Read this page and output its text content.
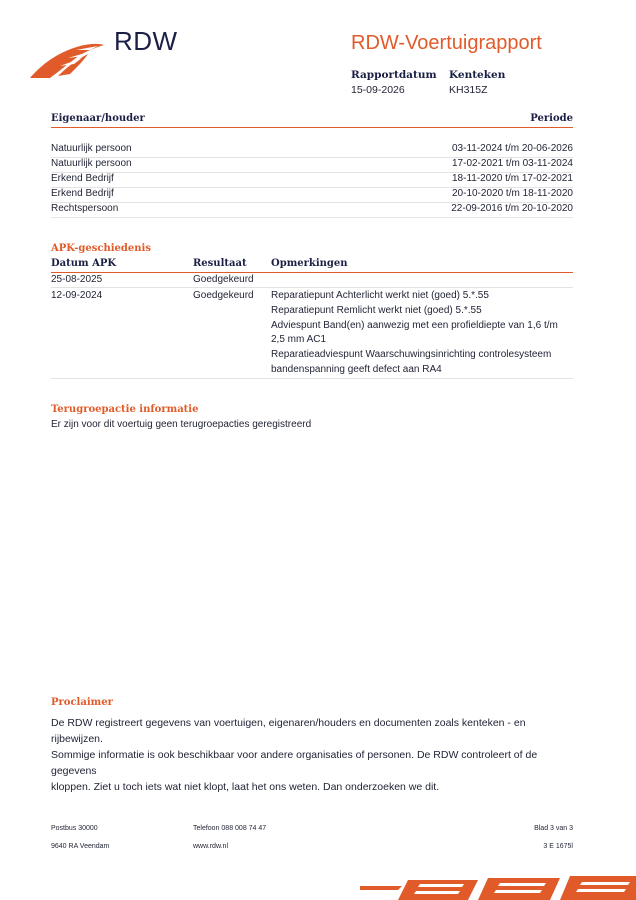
RDW	RDW-Voertuigrapport
Rapportdatum
15-09-2026
Kenteken
KH315Z
Eigenaar/houder	Periode
Natuurlijk persoon	03-11-2024 t/m 20-06-2026
Natuurlijk persoon	17-02-2021 t/m 03-11-2024
Erkend Bedrijf	18-11-2020 t/m 17-02-2021
Erkend Bedrijf	20-10-2020 t/m 18-11-2020
Rechtspersoon	22-09-2016 t/m 20-10-2020
APK-geschiedenis
Datum APK	Resultaat Opmerkingen
25-08-2025	Goedgekeurd
12-09-2024	Goedgekeurd Reparatiepunt Achterlicht werkt niet (goed) 5.*.55
Reparatiepunt Remlicht werkt niet (goed) 5.*.55
Adviespunt Band(en) aanwezig met een profieldiepte van 1,6 t/m
2,5 mm AC1
Reparatieadviespunt Waarschuwingsinrichting controlesysteem
bandenspanning geeft defect aan RA4
Terugroepactie informatie
Er zijn voor dit voertuig geen terugroepacties geregistreerd
Proclaimer
De RDW registreert gegevens van voertuigen, eigenaren/houders en documenten zoals kenteken - en rijbewijzen.
Sommige informatie is ook beschikbaar voor andere organisaties of personen. De RDW controleert of de gegevens
kloppen. Ziet u toch iets wat niet klopt, laat het ons weten. Dan onderzoeken we dit.
Postbus 30000
9640 RA Veendam
Telefoon 088 008 74 47
www.rdw.nl
Blad 3 van 3
3 E 1675l
